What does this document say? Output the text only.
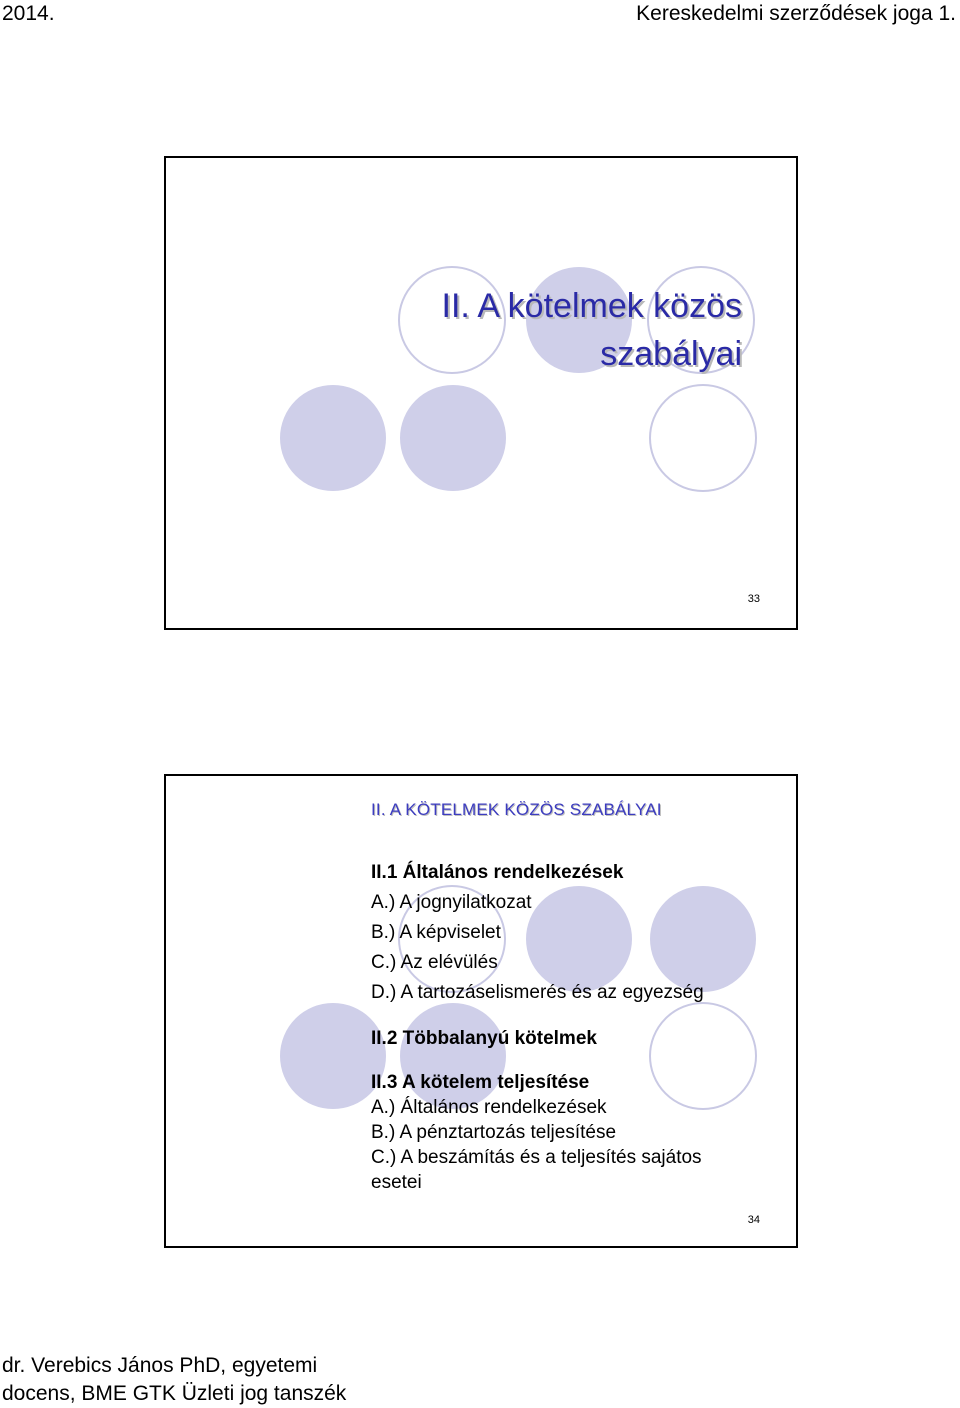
2014.	Kereskedelmi szerződések joga 1.
II. A kötelmek közös
szabályai
33
II. A KÖTELMEK KÖZÖS SZABÁLYAI
II.1 Általános rendelkezések
A.) A jognyilatkozat
B.) A képviselet
C.) Az elévülés
D.) A tartozáselismerés és az egyezség
II.2 Többalanyú kötelmek
II.3 A kötelem teljesítése
A.) Általános rendelkezések
B.) A pénztartozás teljesítése
C.) A beszámítás és a teljesítés sajátos
esetei
34
dr. Verebics János PhD, egyetemi
docens, BME GTK Üzleti jog tanszék
